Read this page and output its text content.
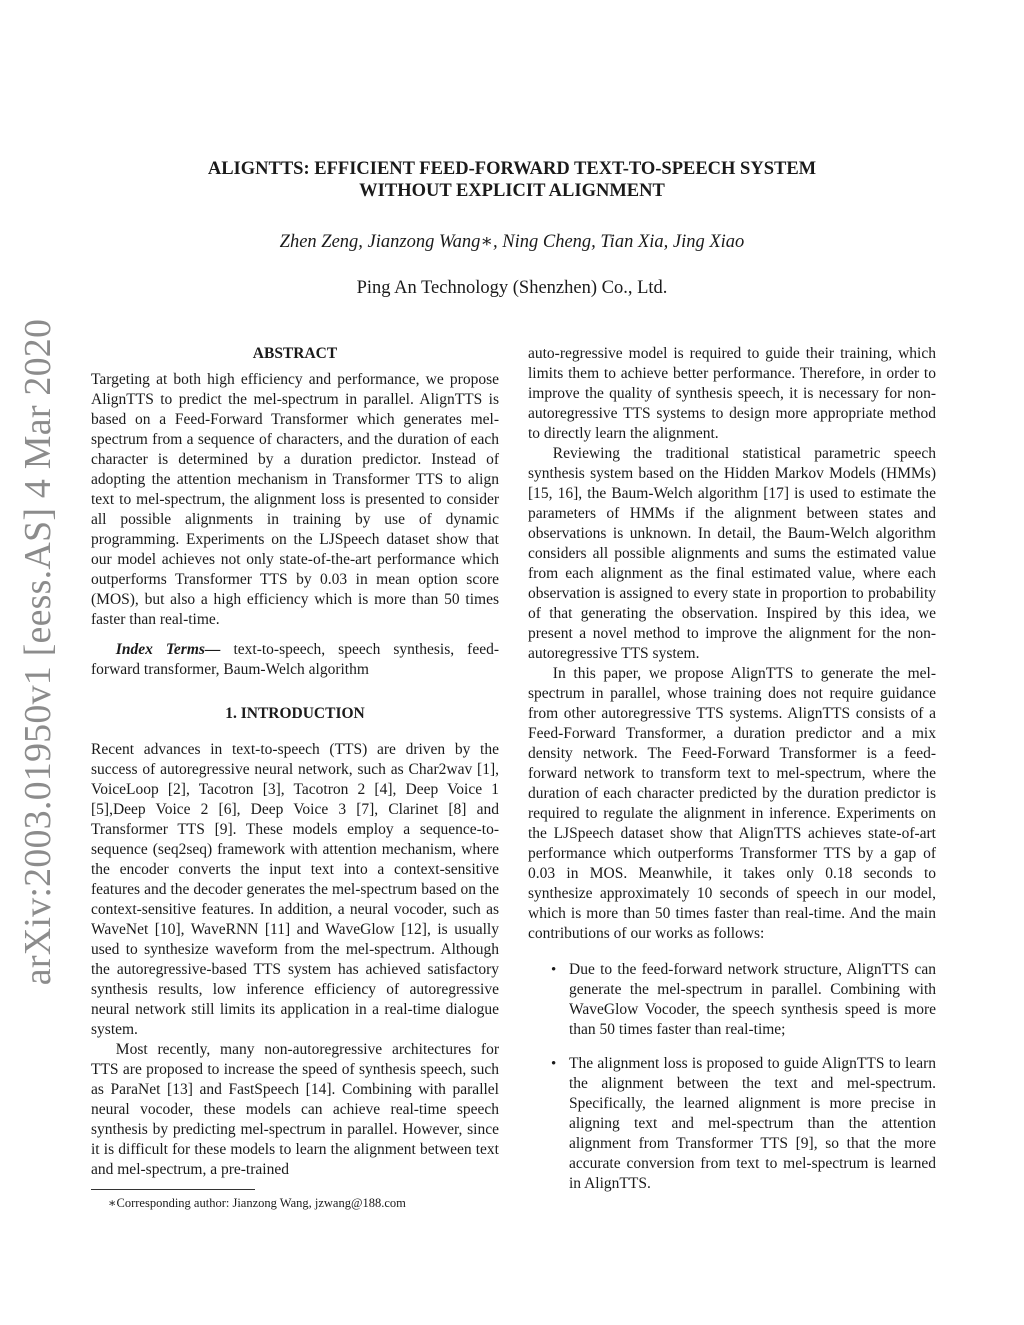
arXiv:2003.01950v1 [eess.AS] 4 Mar 2020
ALIGNTTS: EFFICIENT FEED-FORWARD TEXT-TO-SPEECH SYSTEM
WITHOUT EXPLICIT ALIGNMENT
Zhen Zeng, Jianzong Wang∗, Ning Cheng, Tian Xia, Jing Xiao
Ping An Technology (Shenzhen) Co., Ltd.
ABSTRACT

Targeting at both high efficiency and performance, we propose AlignTTS to predict the mel-spectrum in parallel. AlignTTS is based on a Feed-Forward Transformer which generates mel-spectrum from a sequence of characters, and the duration of each character is determined by a duration predictor. Instead of adopting the attention mechanism in Transformer TTS to align text to mel-spectrum, the alignment loss is presented to consider all possible alignments in training by use of dynamic programming. Experiments on the LJSpeech dataset show that our model achieves not only state-of-the-art performance which outperforms Transformer TTS by 0.03 in mean option score (MOS), but also a high efficiency which is more than 50 times faster than real-time.

Index Terms— text-to-speech, speech synthesis, feed-forward transformer, Baum-Welch algorithm

1. INTRODUCTION

Recent advances in text-to-speech (TTS) are driven by the success of autoregressive neural network, such as Char2wav [1], VoiceLoop [2], Tacotron [3], Tacotron 2 [4], Deep Voice 1 [5],Deep Voice 2 [6], Deep Voice 3 [7], Clarinet [8] and Transformer TTS [9]. These models employ a sequence-to-sequence (seq2seq) framework with attention mechanism, where the encoder converts the input text into a context-sensitive features and the decoder generates the mel-spectrum based on the context-sensitive features. In addition, a neural vocoder, such as WaveNet [10], WaveRNN [11] and WaveGlow [12], is usually used to synthesize waveform from the mel-spectrum. Although the autoregressive-based TTS system has achieved satisfactory synthesis results, low inference efficiency of autoregressive neural network still limits its application in a real-time dialogue system.

Most recently, many non-autoregressive architectures for TTS are proposed to increase the speed of synthesis speech, such as ParaNet [13] and FastSpeech [14]. Combining with parallel neural vocoder, these models can achieve real-time speech synthesis by predicting mel-spectrum in parallel. However, since it is difficult for these models to learn the alignment between text and mel-spectrum, a pre-trained

auto-regressive model is required to guide their training, which limits them to achieve better performance. Therefore, in order to improve the quality of synthesis speech, it is necessary for non-autoregressive TTS systems to design more appropriate method to directly learn the alignment.

Reviewing the traditional statistical parametric speech synthesis system based on the Hidden Markov Models (HMMs) [15, 16], the Baum-Welch algorithm [17] is used to estimate the parameters of HMMs if the alignment between states and observations is unknown. In detail, the Baum-Welch algorithm considers all possible alignments and sums the estimated value from each alignment as the final estimated value, where each observation is assigned to every state in proportion to probability of that generating the observation. Inspired by this idea, we present a novel method to improve the alignment for the non-autoregressive TTS system.

In this paper, we propose AlignTTS to generate the mel-spectrum in parallel, whose training does not require guidance from other autoregressive TTS systems. AlignTTS consists of a Feed-Forward Transformer, a duration predictor and a mix density network. The Feed-Forward Transformer is a feed-forward network to transform text to mel-spectrum, where the duration of each character predicted by the duration predictor is required to regulate the alignment in inference. Experiments on the LJSpeech dataset show that AlignTTS achieves state-of-art performance which outperforms Transformer TTS by a gap of 0.03 in MOS. Meanwhile, it takes only 0.18 seconds to synthesize approximately 10 seconds of speech in our model, which is more than 50 times faster than real-time. And the main contributions of our works as follows:

• Due to the feed-forward network structure, AlignTTS can generate the mel-spectrum in parallel. Combining with WaveGlow Vocoder, the speech synthesis speed is more than 50 times faster than real-time;
• The alignment loss is proposed to guide AlignTTS to learn the alignment between the text and mel-spectrum. Specifically, the learned alignment is more precise in aligning text and mel-spectrum than the attention alignment from Transformer TTS [9], so that the more accurate conversion from text to mel-spectrum is learned in AlignTTS.
∗Corresponding author: Jianzong Wang, jzwang@188.com
